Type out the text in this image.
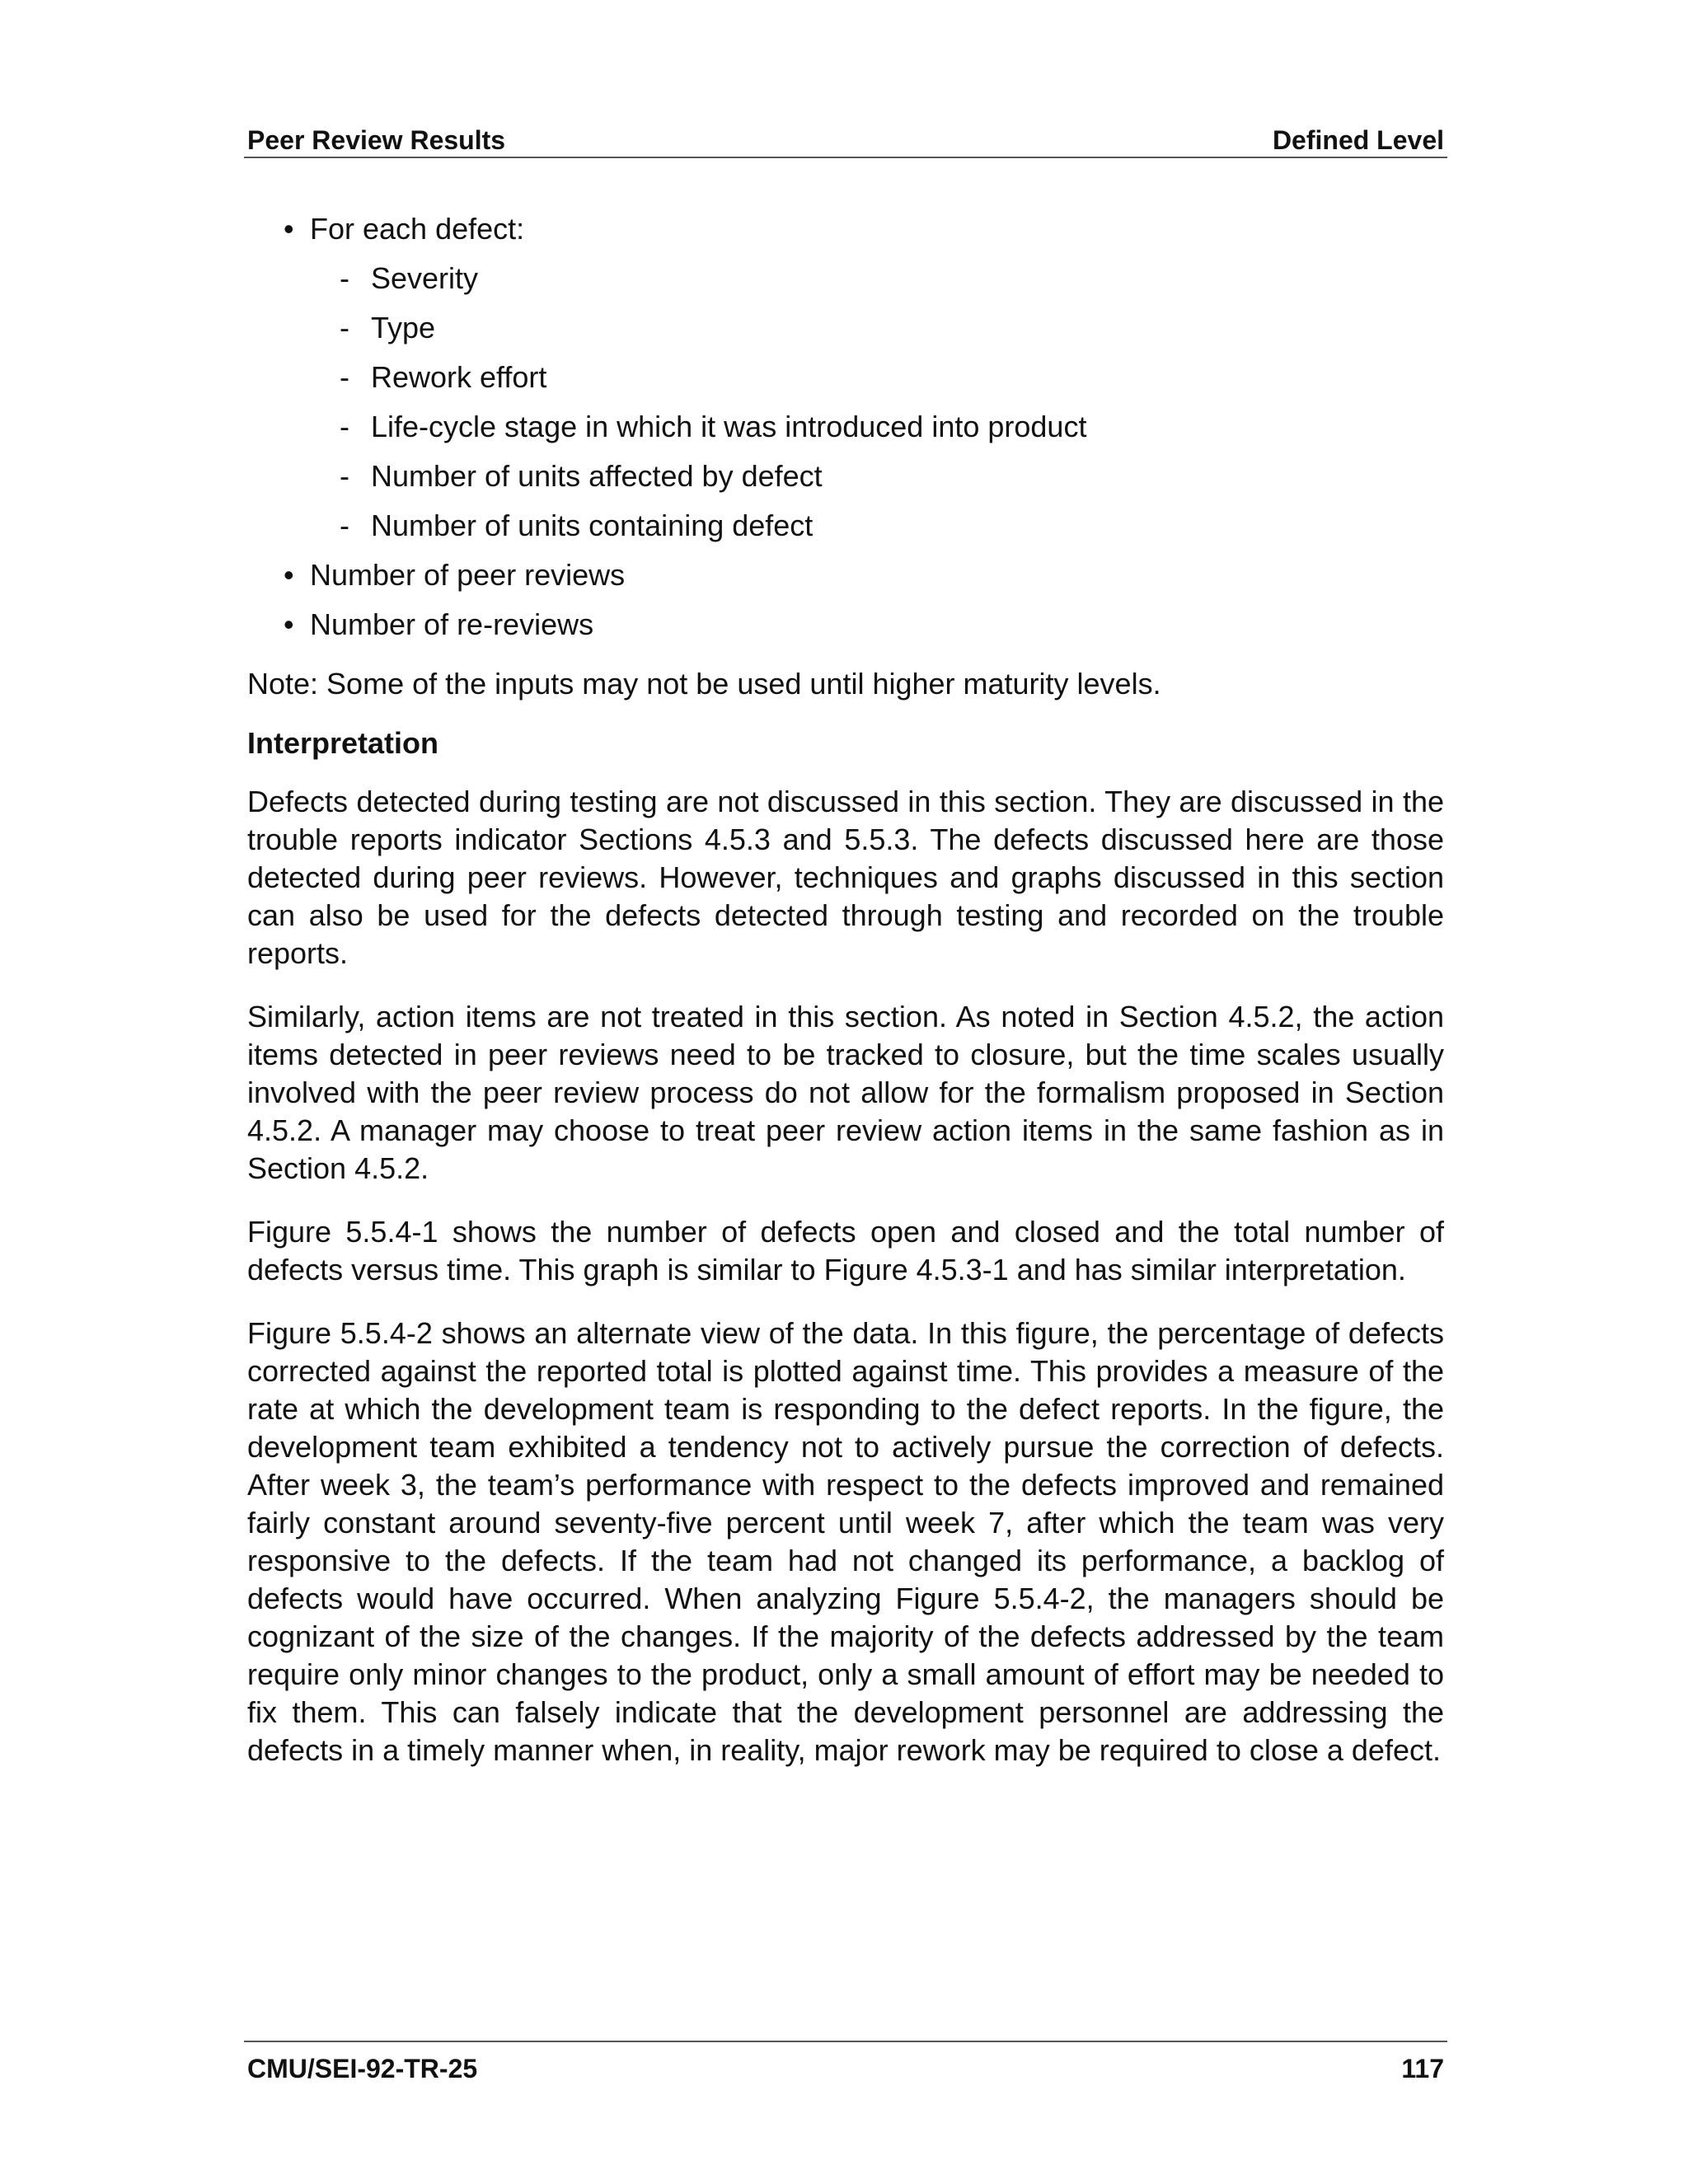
Peer Review Results	Defined Level
• For each defect:
- Severity
- Type
- Rework effort
- Life-cycle stage in which it was introduced into product
- Number of units affected by defect
- Number of units containing defect
• Number of peer reviews
• Number of re-reviews
Note: Some of the inputs may not be used until higher maturity levels.
Interpretation

Defects detected during testing are not discussed in this section. They are discussed in the trouble reports indicator Sections 4.5.3 and 5.5.3. The defects discussed here are those detected during peer reviews. However, techniques and graphs discussed in this section can also be used for the defects detected through testing and recorded on the trouble reports.

Similarly, action items are not treated in this section. As noted in Section 4.5.2, the action items detected in peer reviews need to be tracked to closure, but the time scales usually involved with the peer review process do not allow for the formalism proposed in Section 4.5.2. A manager may choose to treat peer review action items in the same fashion as in Section 4.5.2.

Figure 5.5.4-1 shows the number of defects open and closed and the total number of defects versus time. This graph is similar to Figure 4.5.3-1 and has similar interpretation.

Figure 5.5.4-2 shows an alternate view of the data. In this figure, the percentage of defects corrected against the reported total is plotted against time. This provides a measure of the rate at which the development team is responding to the defect reports. In the figure, the development team exhibited a tendency not to actively pursue the correction of defects. After week 3, the team’s performance with respect to the defects improved and remained fairly constant around seventy-five percent until week 7, after which the team was very responsive to the defects. If the team had not changed its performance, a backlog of defects would have occurred. When analyzing Figure 5.5.4-2, the managers should be cognizant of the size of the changes. If the majority of the defects addressed by the team require only minor changes to the product, only a small amount of effort may be needed to fix them. This can falsely indicate that the development personnel are addressing the defects in a timely manner when, in reality, major rework may be required to close a defect.

CMU/SEI-92-TR-25	117
